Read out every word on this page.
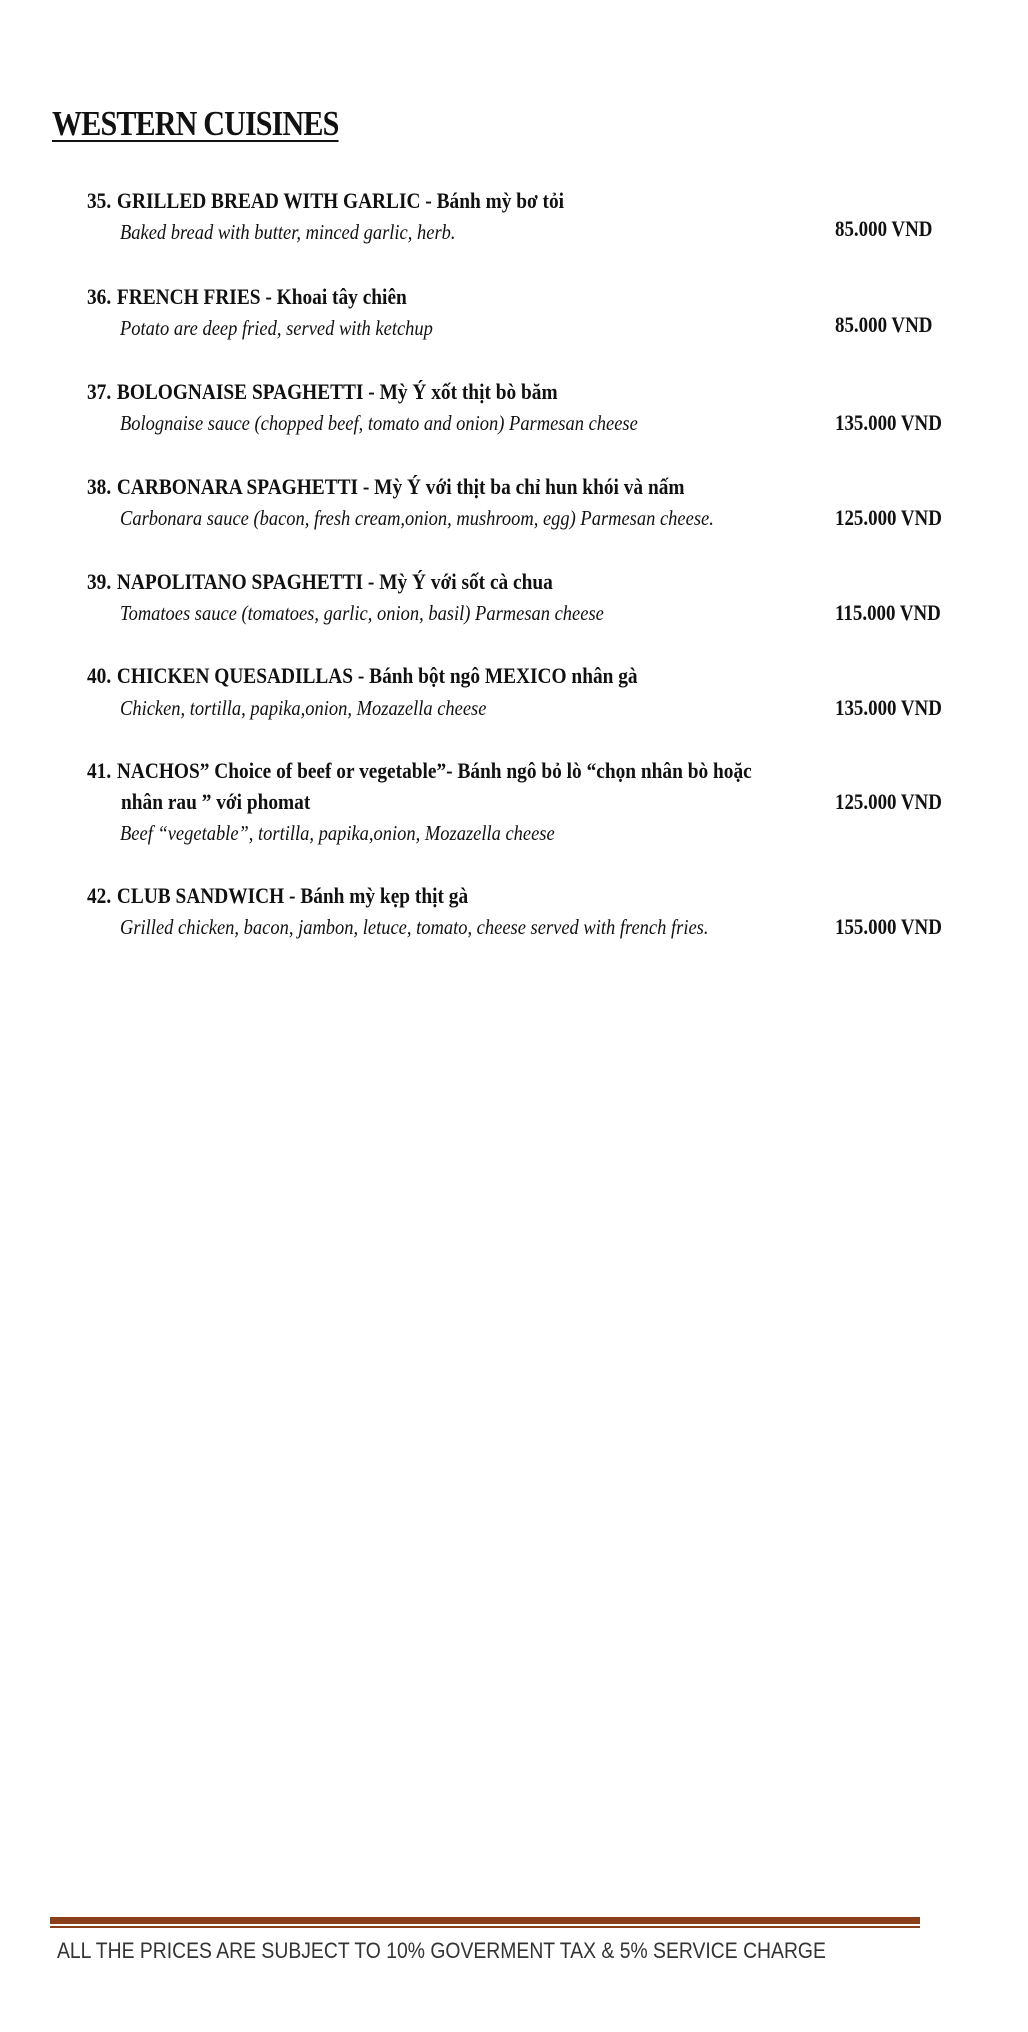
WESTERN CUISINES
35. GRILLED BREAD WITH GARLIC - Bánh mỳ bơ tỏi
Baked bread with butter, minced garlic, herb.	85.000 VND
36. FRENCH FRIES - Khoai tây chiên
Potato are deep fried, served with ketchup	85.000 VND
37. BOLOGNAISE SPAGHETTI - Mỳ Ý xốt thịt bò băm
Bolognaise sauce (chopped beef, tomato and onion) Parmesan cheese	135.000 VND
38. CARBONARA SPAGHETTI - Mỳ Ý với thịt ba chỉ hun khói và nấm
Carbonara sauce (bacon, fresh cream,onion, mushroom, egg) Parmesan cheese.	125.000 VND
39. NAPOLITANO SPAGHETTI - Mỳ Ý với sốt cà chua
Tomatoes sauce (tomatoes, garlic, onion, basil) Parmesan cheese	115.000 VND
40. CHICKEN QUESADILLAS - Bánh bột ngô MEXICO nhân gà
Chicken, tortilla, papika,onion, Mozazella cheese	135.000 VND
41. NACHOS” Choice of beef or vegetable”- Bánh ngô bỏ lò “chọn nhân bò hoặc
nhân rau ” với phomat
Beef “vegetable”, tortilla, papika,onion, Mozazella cheese
125.000 VND
42. CLUB SANDWICH - Bánh mỳ kẹp thịt gà
Grilled chicken, bacon, jambon, letuce, tomato, cheese served with french fries.	155.000 VND
ALL THE PRICES ARE SUBJECT TO 10% GOVERMENT TAX & 5% SERVICE CHARGE
